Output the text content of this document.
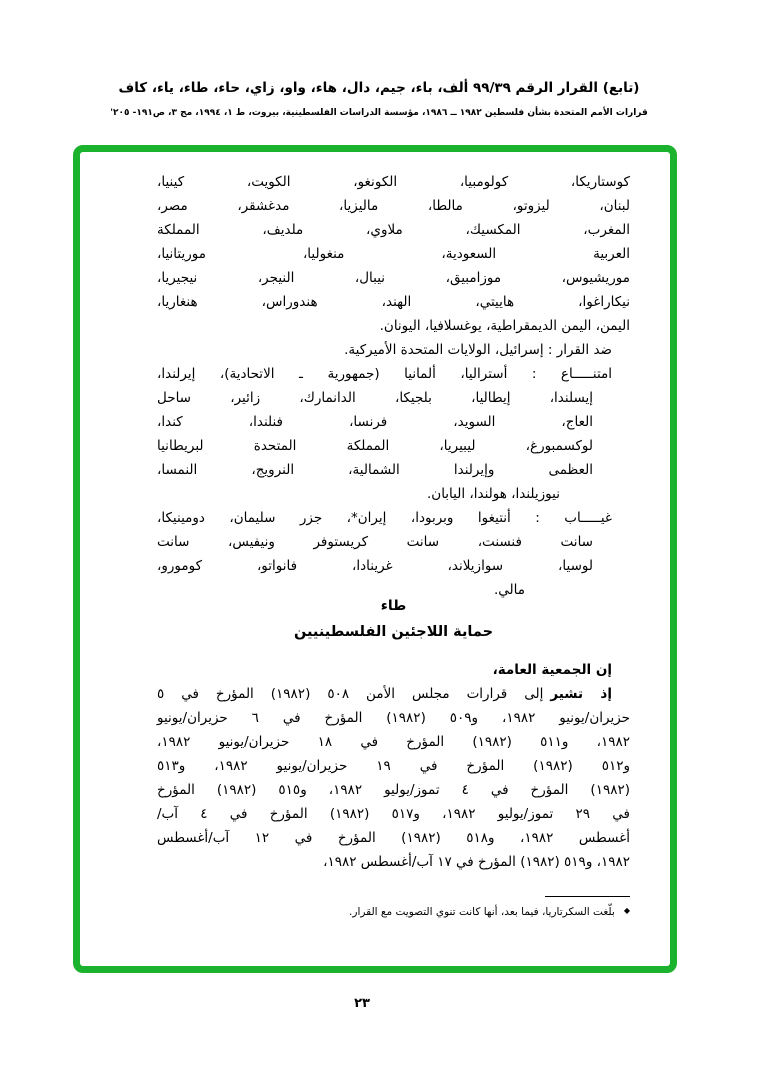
(تابع) القرار الرقم ٩٩/٣٩ ألف، باء، جيم، دال، هاء، واو، زاي، حاء، طاء، ياء، كاف
قرارات الأمم المتحدة بشأن فلسطين ١٩٨٢ ــ ١٩٨٦، مؤسسة الدراسات الفلسطينية، بيروت، ط ١، ١٩٩٤، مج ٣، ص١٩١- ٢٠٥'
كوستاريكا، كولومبيا، الكونغو، الكويت، كينيا،
لبنان، ليزوتو، مالطا، ماليزيا، مدغشقر، مصر،
المغرب، المكسيك، ملاوي، ملديف، المملكة
العربية السعودية، منغوليا، موريتانيا،
موريشيوس، موزامبيق، نيبال، النيجر، نيجيريا،
نيكاراغوا، هاييتي، الهند، هندوراس، هنغاريا،
اليمن، اليمن الديمقراطية، يوغسلافيا، اليونان.
ضد القرار : إسرائيل، الولايات المتحدة الأميركية.
امتنـــــاع : أستراليا، ألمانيا (جمهورية ـ الاتحادية)، إيرلندا،
إيسلندا، إيطاليا، بلجيكا، الدانمارك، زائير، ساحل
العاج، السويد، فرنسا، فنلندا، كندا،
لوكسمبورغ، ليبيريا، المملكة المتحدة لبريطانيا
العظمى وإيرلندا الشمالية، النرويج، النمسا،
نيوزيلندا، هولندا، اليابان.
غيـــــاب : أنتيغوا وبربودا، إيران*، جزر سليمان، دومينيكا،
سانت فنسنت، سانت كريستوفر ونيفيس، سانت
لوسيا، سوازيلاند، غرينادا، فانواتو، كومورو،
مالي.
طاء
حماية اللاجئين الفلسطينيين
إن الجمعية العامة،
إذ تشيرإلى قرارات مجلس الأمن ٥٠٨ (١٩٨٢) المؤرخ في ٥
حزيران/يونيو ١٩٨٢، و٥٠٩ (١٩٨٢) المؤرخ في ٦ حزيران/يونيو
١٩٨٢، و٥١١ (١٩٨٢) المؤرخ في ١٨ حزيران/يونيو ١٩٨٢،
و٥١٢ (١٩٨٢) المؤرخ في ١٩ حزيران/يونيو ١٩٨٢، و٥١٣
(١٩٨٢) المؤرخ في ٤ تموز/يوليو ١٩٨٢، و٥١٥ (١٩٨٢) المؤرخ
في ٢٩ تموز/يوليو ١٩٨٢، و٥١٧ (١٩٨٢) المؤرخ في ٤ آب/
أغسطس ١٩٨٢، و٥١٨ (١٩٨٢) المؤرخ في ١٢ آب/أغسطس
١٩٨٢، و٥١٩ (١٩٨٢) المؤرخ في ١٧ آب/أغسطس ١٩٨٢،
◆بلّغت السكرتاريا، فيما بعد، أنها كانت تنوي التصويت مع القرار.
٢٣
